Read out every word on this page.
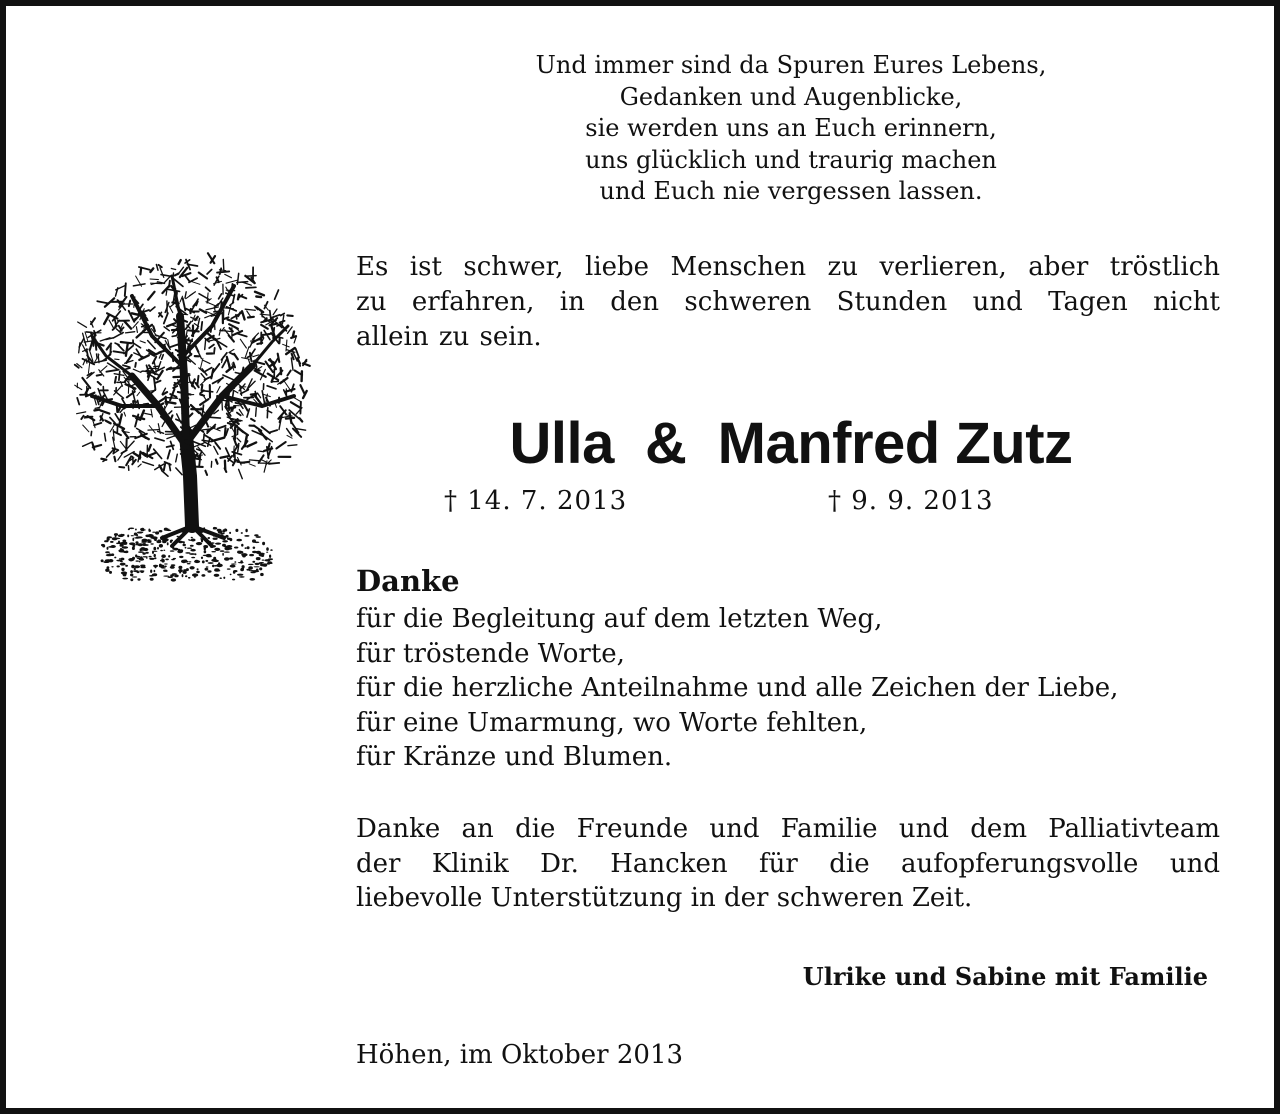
Und immer sind da Spuren Eures Lebens,
Gedanken und Augenblicke,
sie werden uns an Euch erinnern,
uns glücklich und traurig machen
und Euch nie vergessen lassen.
Es ist schwer, liebe Menschen zu verlieren, aber tröstlich
zu erfahren, in den schweren Stunden und Tagen nicht
allein zu sein.
Ulla  &  Manfred Zutz
† 14. 7. 2013	† 9. 9. 2013
Danke
für die Begleitung auf dem letzten Weg,
für tröstende Worte,
für die herzliche Anteilnahme und alle Zeichen der Liebe,
für eine Umarmung, wo Worte fehlten,
für Kränze und Blumen.
Danke an die Freunde und Familie und dem Palliativteam
der Klinik Dr. Hancken für die aufopferungsvolle und
liebevolle Unterstützung in der schweren Zeit.
Ulrike und Sabine mit Familie
Höhen, im Oktober 2013
